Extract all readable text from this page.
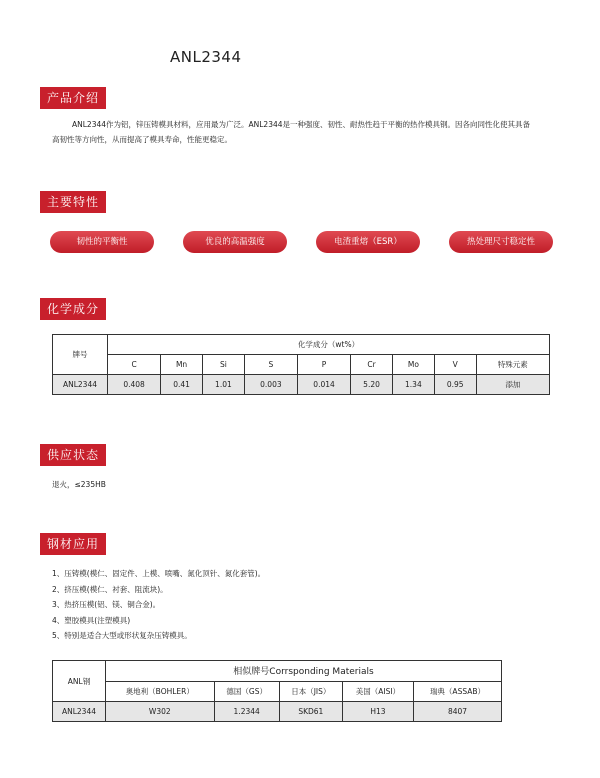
ANL2344
产品介绍
ANL2344作为铝，锌压铸模具材料，应用最为广泛。ANL2344是一种强度、韧性、耐热性趋于平衡的热作模具钢。因各向同性化使其具备
高韧性等方向性，从而提高了模具寿命，性能更稳定。
主要特性
韧性的平衡性	优良的高温强度	电渣重熔（ESR）	热处理尺寸稳定性
化学成分
牌号	化学成分（wt%）								
	C	Mn	Si	S	P	Cr	Mo	V	特殊元素
ANL2344	0.408	0.41	1.01	0.003	0.014	5.20	1.34	0.95	添加
供应状态
退火，≤235HB
钢材应用
1、压铸模(模仁、固定件、上模、喷嘴、氮化顶针、氮化套管)。
2、挤压模(模仁、衬套、阻流块)。
3、热挤压模(铝、镁、铜合金)。
4、塑胶模具(注塑模具)
5、特别是适合大型或形状复杂压铸模具。
ANL钢	相似牌号Corrsponding Materials				
	奥地利（BOHLER）	德国（GS）	日本（JIS）	美国（AISI）	瑞典（ASSAB）
ANL2344	W302	1.2344	SKD61	H13	8407
